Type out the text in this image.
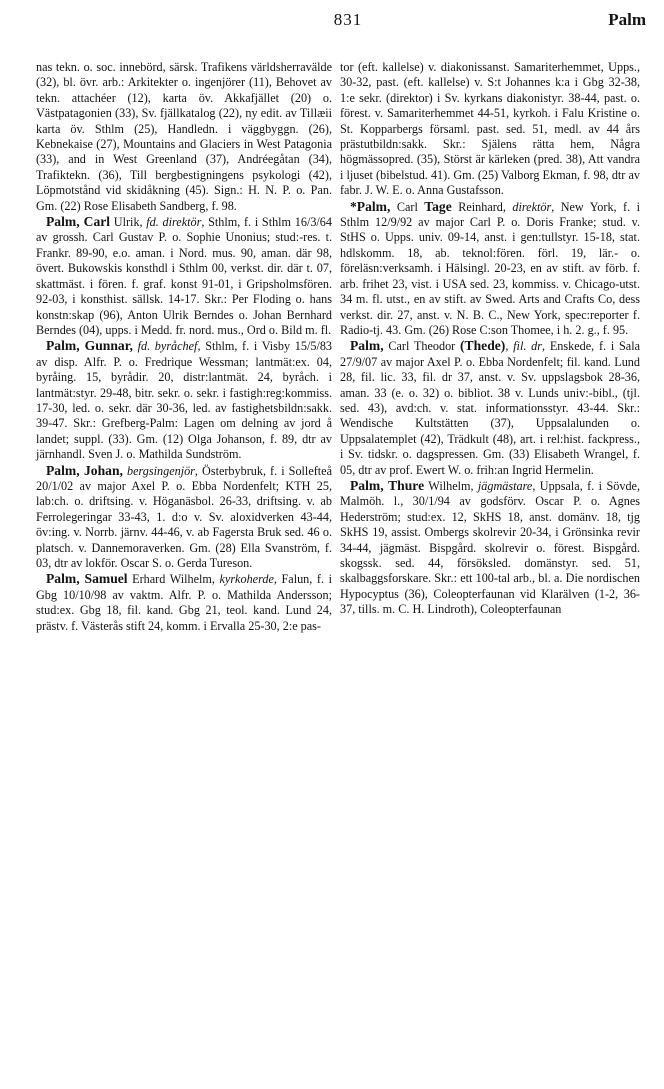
831	Palm

nas tekn. o. soc. innebörd, särsk. Trafikens världsherravälde (32), bl. övr. arb.: Arkitekter o. ingenjörer (11), Behovet av tekn. attachéer (12), karta öv. Akkafjället (20) o. Västpatagonien (33), Sv. fjällkatalog (22), ny edit. av Tillæii karta öv. Sthlm (25), Handledn. i väggbyggn. (26), Kebnekaise (27), Mountains and Glaciers in West Patagonia (33), and in West Greenland (37), Andréegåtan (34), Trafiktekn. (36), Till bergbestigningens psykologi (42), Löpmotstånd vid skidåkning (45). Sign.: H. N. P. o. Pan. Gm. (22) Rose Elisabeth Sandberg, f. 98.

Palm, Carl Ulrik, fd. direktör, Sthlm, f. i Sthlm 16/3/64 av grossh. Carl Gustav P. o. Sophie Unonius; stud:-res. t. Frankr. 89-90, e.o. aman. i Nord. mus. 90, aman. där 98, övert. Bukowskis konsthdl i Sthlm 00, verkst. dir. där t. 07, skattmäst. i fören. f. graf. konst 91-01, i Gripsholmsfören. 92-03, i konsthist. sällsk. 14-17. Skr.: Per Floding o. hans konstn:skap (96), Anton Ulrik Berndes o. Johan Bernhard Berndes (04), upps. i Medd. fr. nord. mus., Ord o. Bild m. fl.

Palm, Gunnar, fd. byråchef, Sthlm, f. i Visby 15/5/83 av disp. Alfr. P. o. Fredrique Wessman; lantmät:ex. 04, byråing. 15, byrådir. 20, distr:lantmät. 24, byråch. i lantmät:styr. 29-48, bitr. sekr. o. sekr. i fastigh:reg:kommiss. 17-30, led. o. sekr. där 30-36, led. av fastighetsbildn:sakk. 39-47. Skr.: Grefberg-Palm: Lagen om delning av jord å landet; suppl. (33). Gm. (12) Olga Johanson, f. 89, dtr av järnhandl. Sven J. o. Mathilda Sundström.

Palm, Johan, bergsingenjör, Österbybruk, f. i Sollefteå 20/1/02 av major Axel P. o. Ebba Nordenfelt; KTH 25, lab:ch. o. driftsing. v. Höganäsbol. 26-33, driftsing. v. ab Ferrolegeringar 33-43, 1. d:o v. Sv. aloxidverken 43-44, öv:ing. v. Norrb. järnv. 44-46, v. ab Fagersta Bruk sed. 46 o. platsch. v. Dannemoraverken. Gm. (28) Ella Svanström, f. 03, dtr av lokför. Oscar S. o. Gerda Tureson.

Palm, Samuel Erhard Wilhelm, kyrkoherde, Falun, f. i Gbg 10/10/98 av vaktm. Alfr. P. o. Mathilda Andersson; stud:ex. Gbg 18, fil. kand. Gbg 21, teol. kand. Lund 24, prästv. f. Västerås stift 24, komm. i Ervalla 25-30, 2:e pas-

tor (eft. kallelse) v. diakonissanst. Samariterhemmet, Upps., 30-32, past. (eft. kallelse) v. S:t Johannes k:a i Gbg 32-38, 1:e sekr. (direktor) i Sv. kyrkans diakonistyr. 38-44, past. o. förest. v. Samariterhemmet 44-51, kyrkoh. i Falu Kristine o. St. Kopparbergs församl. past. sed. 51, medl. av 44 års prästutbildn:sakk. Skr.: Själens rätta hem, Några högmässopred. (35), Störst är kärleken (pred. 38), Att vandra i ljuset (bibelstud. 41). Gm. (25) Valborg Ekman, f. 98, dtr av fabr. J. W. E. o. Anna Gustafsson.

*Palm, Carl Tage Reinhard, direktör, New York, f. i Sthlm 12/9/92 av major Carl P. o. Doris Franke; stud. v. StHS o. Upps. univ. 09-14, anst. i gen:tullstyr. 15-18, stat. hdlskomm. 18, ab. teknol:fören. förl. 19, lär.- o. föreläsn:verksamh. i Hälsingl. 20-23, en av stift. av förb. f. arb. frihet 23, vist. i USA sed. 23, kommiss. v. Chicago-utst. 34 m. fl. utst., en av stift. av Swed. Arts and Crafts Co, dess verkst. dir. 27, anst. v. N. B. C., New York, spec:reporter f. Radio-tj. 43. Gm. (26) Rose C:son Thomee, i h. 2. g., f. 95.

Palm, Carl Theodor (Thede), fil. dr, Enskede, f. i Sala 27/9/07 av major Axel P. o. Ebba Nordenfelt; fil. kand. Lund 28, fil. lic. 33, fil. dr 37, anst. v. Sv. uppslagsbok 28-36, aman. 33 (e. o. 32) o. bibliot. 38 v. Lunds univ:-bibl., (tjl. sed. 43), avd:ch. v. stat. informationsstyr. 43-44. Skr.: Wendische Kultstätten (37), Uppsalalunden o. Uppsalatemplet (42), Trädkult (48), art. i rel:hist. fackpress., i Sv. tidskr. o. dagspressen. Gm. (33) Elisabeth Wrangel, f. 05, dtr av prof. Ewert W. o. frih:an Ingrid Hermelin.

Palm, Thure Wilhelm, jägmästare, Uppsala, f. i Sövde, Malmöh. l., 30/1/94 av godsförv. Oscar P. o. Agnes Hederström; stud:ex. 12, SkHS 18, anst. domänv. 18, tjg SkHS 19, assist. Ombergs skolrevir 20-34, i Grönsinka revir 34-44, jägmäst. Bispgård. skolrevir o. förest. Bispgård. skogssk. sed. 44, försöksled. domänstyr. sed. 51, skalbaggsforskare. Skr.: ett 100-tal arb., bl. a. Die nordischen Hypocyptus (36), Coleopterfaunan vid Klarälven (1-2, 36-37, tills. m. C. H. Lindroth), Coleopterfaunan
